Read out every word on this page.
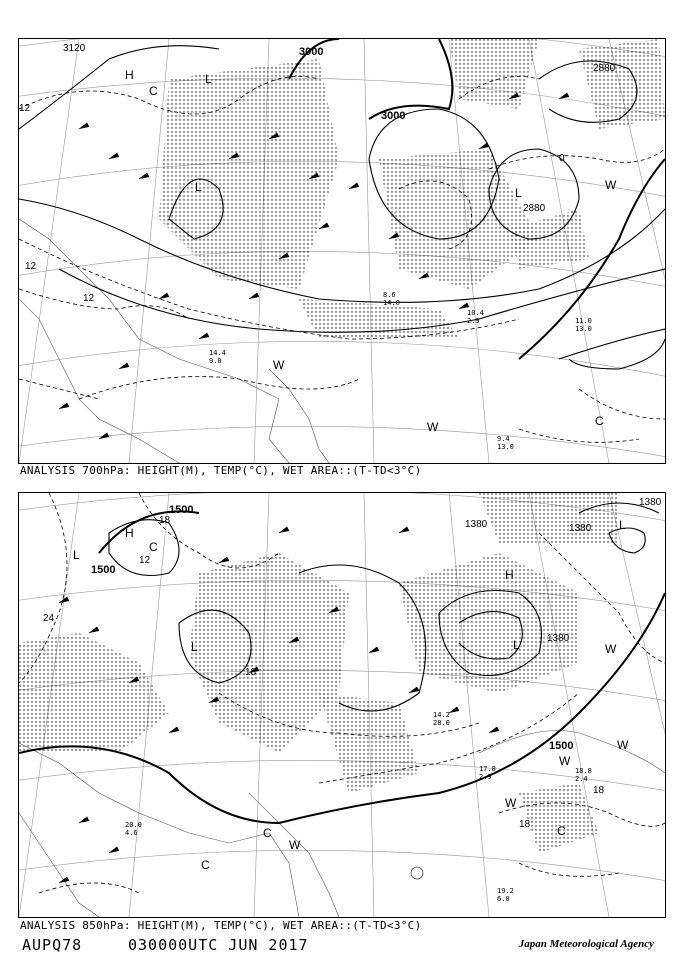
3120	3000
3000
2880
2880
12
12
12
0
H	L
L	L
C
W
C
W
W
9.4
13.0
11.0
13.0
10.4
2.9
8.6
14.0
14.4
9.0
ANALYSIS 700hPa: HEIGHT(M), TEMP(°C), WET AREA::(T-TD<3°C)
1500
1500
1500
1380	1380
1380
1380
18
12
24
18
18
18
H
H
L
L	L
L
C
C
C
W
W
W
W
W
C
19.2
6.0
18.8
2.4
17.8
2.9
20.0
4.6
14.2
28.0
ANALYSIS 850hPa: HEIGHT(M), TEMP(°C), WET AREA::(T-TD<3°C)
AUPQ78	030000UTC JUN 2017	Japan Meteorological Agency
